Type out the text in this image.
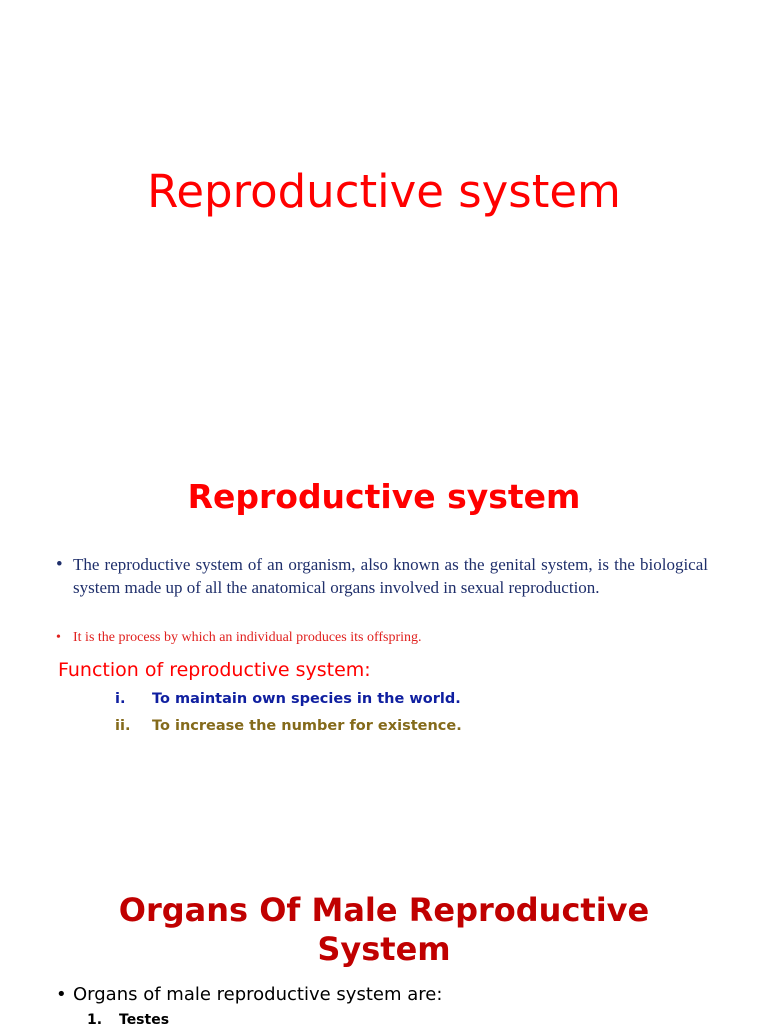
Reproductive system
Reproductive system
• The reproductive system of an organism, also known as the genital system, is the biological system made up of all the anatomical organs involved in sexual reproduction.
• It is the process by which an individual produces its offspring.

Function of reproductive system:

i.	To maintain own species in the world.
ii.	To increase the number for existence.
Organs Of Male Reproductive System
• Organs of male reproductive system are:
1.	Testes
